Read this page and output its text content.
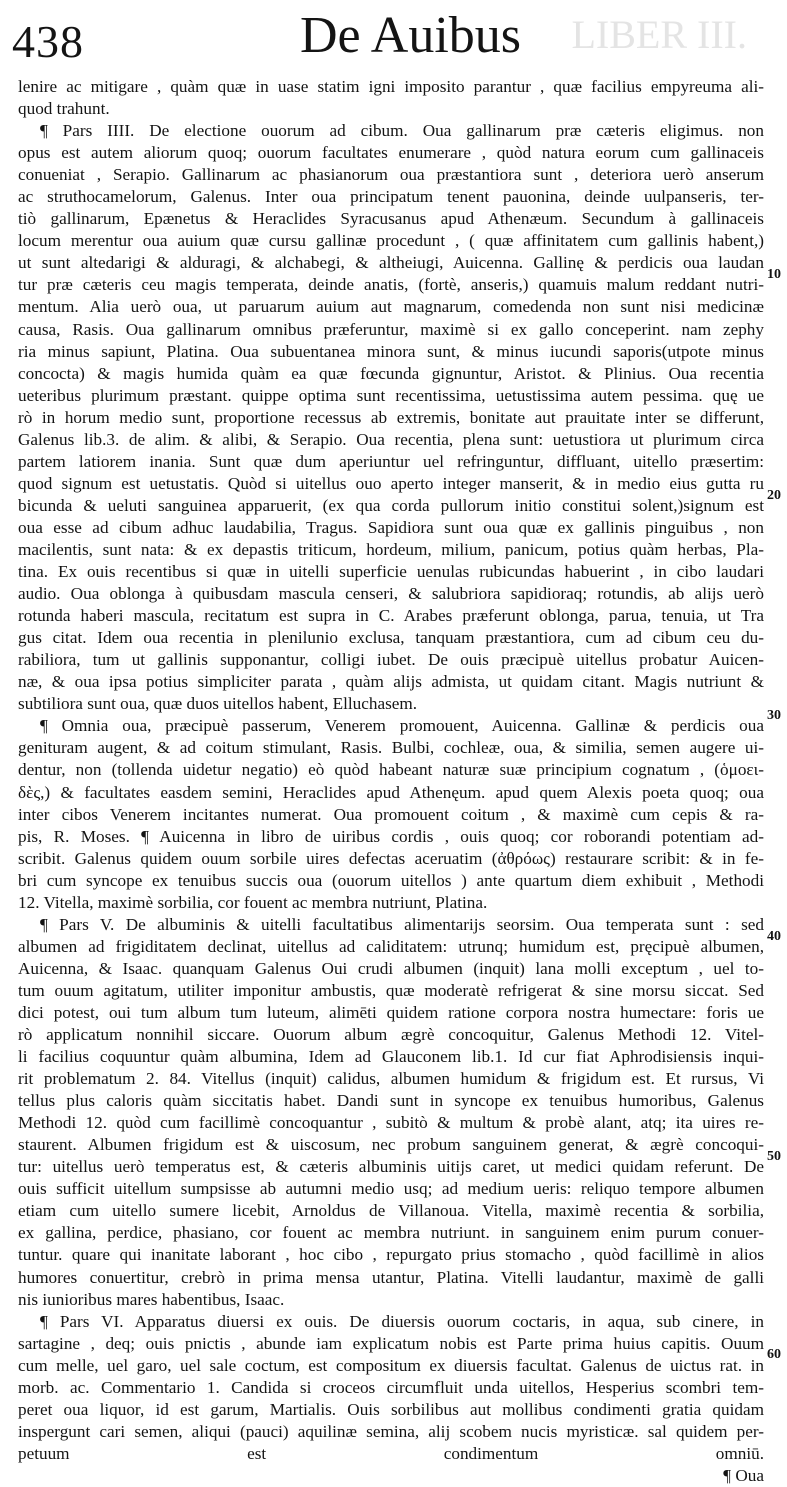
438	De Auibus LIBER III.
lenire ac mitigare , quàm quæ in uase statim igni imposito parantur , quæ facilius empyreuma ali-
quod trahunt.
¶ Pars IIII. De electione ouorum ad cibum. Oua gallinarum præ cæteris eligimus. non
opus est autem aliorum quoq; ouorum facultates enumerare , quòd natura eorum cum gallinaceis
conueniat , Serapio. Gallinarum ac phasianorum oua præstantiora sunt , deteriora uerò anserum
ac struthocamelorum, Galenus. Inter oua principatum tenent pauonina, deinde uulpanseris, ter-
tiò gallinarum, Epænetus & Heraclides Syracusanus apud Athenæum. Secundum à gallinaceis
locum merentur oua auium quæ cursu gallinæ procedunt , ( quæ affinitatem cum gallinis habent,)
ut sunt altedarigi & alduragi, & alchabegi, & altheiugi, Auicenna. Gallinę & perdicis oua laudan
tur præ cæteris ceu magis temperata, deinde anatis, (fortè, anseris,) quamuis malum reddant nutri-
mentum. Alia uerò oua, ut paruarum auium aut magnarum, comedenda non sunt nisi medicinæ
causa, Rasis. Oua gallinarum omnibus præferuntur, maximè si ex gallo conceperint. nam zephy
ria minus sapiunt, Platina. Oua subuentanea minora sunt, & minus iucundi saporis(utpote minus
concocta) & magis humida quàm ea quæ fœcunda gignuntur, Aristot. & Plinius. Oua recentia
ueteribus plurimum præstant. quippe optima sunt recentissima, uetustissima autem pessima. quę ue
rò in horum medio sunt, proportione recessus ab extremis, bonitate aut prauitate inter se differunt,
Galenus lib.3. de alim. & alibi, & Serapio. Oua recentia, plena sunt: uetustiora ut plurimum circa
partem latiorem inania. Sunt quæ dum aperiuntur uel refringuntur, diffluant, uitello præsertim:
quod signum est uetustatis. Quòd si uitellus ouo aperto integer manserit, & in medio eius gutta ru
bicunda & ueluti sanguinea apparuerit, (ex qua corda pullorum initio constitui solent,)signum est
oua esse ad cibum adhuc laudabilia, Tragus. Sapidiora sunt oua quæ ex gallinis pinguibus , non
macilentis, sunt nata: & ex depastis triticum, hordeum, milium, panicum, potius quàm herbas, Pla-
tina. Ex ouis recentibus si quæ in uitelli superficie uenulas rubicundas habuerint , in cibo laudari
audio. Oua oblonga à quibusdam mascula censeri, & salubriora sapidioraq; rotundis, ab alijs uerò
rotunda haberi mascula, recitatum est supra in C. Arabes præferunt oblonga, parua, tenuia, ut Tra
gus citat. Idem oua recentia in plenilunio exclusa, tanquam præstantiora, cum ad cibum ceu du-
rabiliora, tum ut gallinis supponantur, colligi iubet. De ouis præcipuè uitellus probatur Auicen-
næ, & oua ipsa potius simpliciter parata , quàm alijs admista, ut quidam citant. Magis nutriunt &
subtiliora sunt oua, quæ duos uitellos habent, Elluchasem.
¶ Omnia oua, præcipuè passerum, Venerem promouent, Auicenna. Gallinæ & perdicis oua
genituram augent, & ad coitum stimulant, Rasis. Bulbi, cochleæ, oua, & similia, semen augere ui-
dentur, non (tollenda uidetur negatio) eò quòd habeant naturæ suæ principium cognatum , (ὁμοει-
δὲς,) & facultates easdem semini, Heraclides apud Athenęum. apud quem Alexis poeta quoq; oua
inter cibos Venerem incitantes numerat. Oua promouent coitum , & maximè cum cepis & ra-
pis, R. Moses. ¶ Auicenna in libro de uiribus cordis , ouis quoq; cor roborandi potentiam ad-
scribit. Galenus quidem ouum sorbile uires defectas aceruatim (ἀθρόως) restaurare scribit: & in fe-
bri cum syncope ex tenuibus succis oua (ouorum uitellos ) ante quartum diem exhibuit , Methodi
12. Vitella, maximè sorbilia, cor fouent ac membra nutriunt, Platina.
¶ Pars V. De albuminis & uitelli facultatibus alimentarijs seorsim. Oua temperata sunt : sed
albumen ad frigiditatem declinat, uitellus ad caliditatem: utrunq; humidum est, pręcipuè albumen,
Auicenna, & Isaac. quanquam Galenus Oui crudi albumen (inquit) lana molli exceptum , uel to-
tum ouum agitatum, utiliter imponitur ambustis, quæ moderatè refrigerat & sine morsu siccat. Sed
dici potest, oui tum album tum luteum, alimēti quidem ratione corpora nostra humectare: foris ue
rò applicatum nonnihil siccare. Ouorum album ægrè concoquitur, Galenus Methodi 12. Vitel-
li facilius coquuntur quàm albumina, Idem ad Glauconem lib.1. Id cur fiat Aphrodisiensis inqui-
rit problematum 2. 84. Vitellus (inquit) calidus, albumen humidum & frigidum est. Et rursus, Vi
tellus plus caloris quàm siccitatis habet. Dandi sunt in syncope ex tenuibus humoribus, Galenus
Methodi 12. quòd cum facillimè concoquantur , subitò & multum & probè alant, atq; ita uires re-
staurent. Albumen frigidum est & uiscosum, nec probum sanguinem generat, & ægrè concoqui-
tur: uitellus uerò temperatus est, & cæteris albuminis uitijs caret, ut medici quidam referunt. De
ouis sufficit uitellum sumpsisse ab autumni medio usq; ad medium ueris: reliquo tempore albumen
etiam cum uitello sumere licebit, Arnoldus de Villanoua. Vitella, maximè recentia & sorbilia,
ex gallina, perdice, phasiano, cor fouent ac membra nutriunt. in sanguinem enim purum conuer-
tuntur. quare qui inanitate laborant , hoc cibo , repurgato prius stomacho , quòd facillimè in alios
humores conuertitur, crebrò in prima mensa utantur, Platina. Vitelli laudantur, maximè de galli
nis iunioribus mares habentibus, Isaac.
¶ Pars VI. Apparatus diuersi ex ouis. De diuersis ouorum coctaris, in aqua, sub cinere, in
sartagine , deq; ouis pnictis , abunde iam explicatum nobis est Parte prima huius capitis. Ouum
cum melle, uel garo, uel sale coctum, est compositum ex diuersis facultat. Galenus de uictus rat. in
morb. ac. Commentario 1. Candida si croceos circumfluit unda uitellos, Hesperius scombri tem-
peret oua liquor, id est garum, Martialis. Ouis sorbilibus aut mollibus condimenti gratia quidam
inspergunt cari semen, aliqui (pauci) aquilinæ semina, alij scobem nucis myristicæ. sal quidem per-
petuum est condimentum omniū.
¶ Oua
10
20
30
40
50
60
